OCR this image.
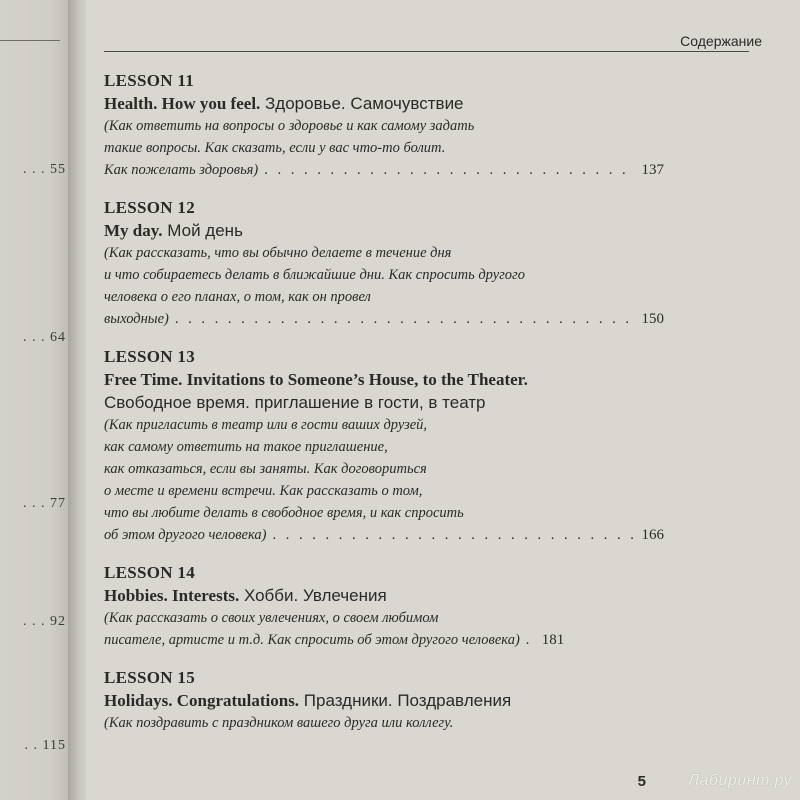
. . . 55
. . . 64
. . . 77
. . . 92
. . 115
Содержание
LESSON 11
Health. How you feel. Здоровье. Самочувствие
(Как ответить на вопросы о здоровье и как самому задать
такие вопросы. Как сказать, если у вас что-то болит.
Как пожелать здоровья) . . .	137
LESSON 12
My day. Мой день
(Как рассказать, что вы обычно делаете в течение дня
и что собираетесь делать в ближайшие дни. Как спросить другого
человека о его планах, о том, как он провел
выходные) . . .	150
LESSON 13
Free Time. Invitations to Someone’s House, to the Theater.
Свободное время. приглашение в гости, в театр
(Как пригласить в театр или в гости ваших друзей,
как самому ответить на такое приглашение,
как отказаться, если вы заняты. Как договориться
о месте и времени встречи. Как рассказать о том,
что вы любите делать в свободное время, и как спросить
об этом другого человека) . . .	166
LESSON 14
Hobbies. Interests. Хобби. Увлечения
(Как рассказать о своих увлечениях, о своем любимом
писателе, артисте и т.д. Как спросить об этом другого человека) . . . 181
LESSON 15
Holidays. Congratulations. Праздники. Поздравления
(Как поздравить с праздником вашего друга или коллегу.
5	Лабиринт.ру
